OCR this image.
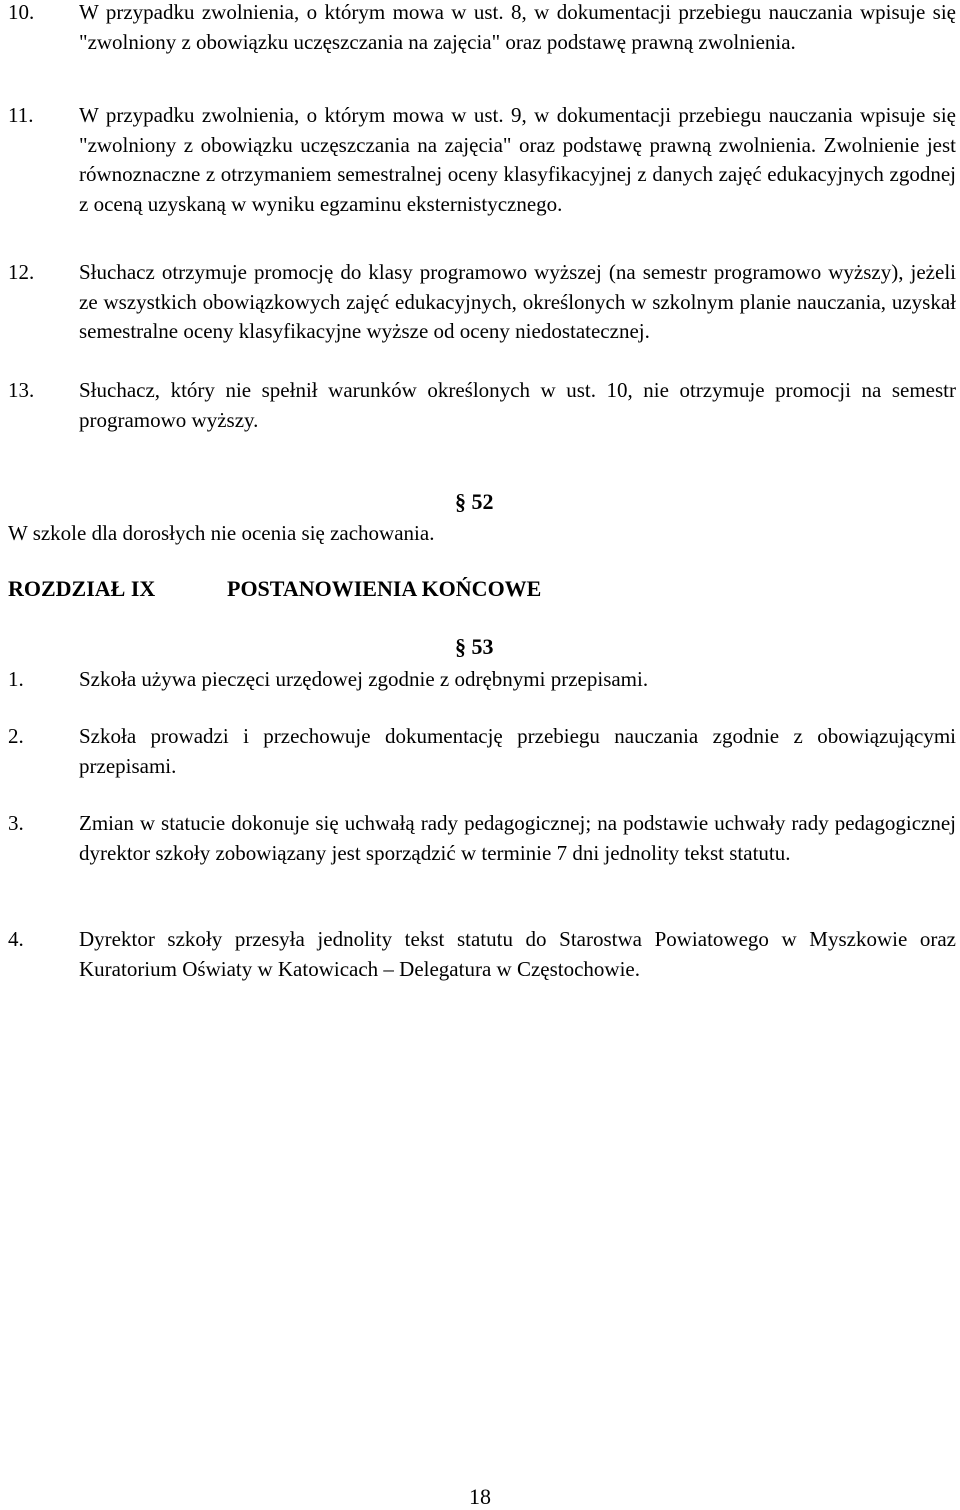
10. W przypadku zwolnienia, o którym mowa w ust. 8, w dokumentacji przebiegu nauczania wpisuje się "zwolniony z obowiązku uczęszczania na zajęcia" oraz podstawę prawną zwolnienia.
11. W przypadku zwolnienia, o którym mowa w ust. 9, w dokumentacji przebiegu nauczania wpisuje się "zwolniony z obowiązku uczęszczania na zajęcia" oraz podstawę prawną zwolnienia. Zwolnienie jest równoznaczne z otrzymaniem semestralnej oceny klasyfikacyjnej z danych zajęć edukacyjnych zgodnej z oceną uzyskaną w wyniku egzaminu eksternistycznego.
12. Słuchacz otrzymuje promocję do klasy programowo wyższej (na semestr programowo wyższy), jeżeli ze wszystkich obowiązkowych zajęć edukacyjnych, określonych w szkolnym planie nauczania, uzyskał semestralne oceny klasyfikacyjne wyższe od oceny niedostatecznej.
13. Słuchacz, który nie spełnił warunków określonych w ust. 10, nie otrzymuje promocji na semestr programowo wyższy.
§ 52
W szkole dla dorosłych nie ocenia się zachowania.
ROZDZIAŁ IX	POSTANOWIENIA KOŃCOWE
§ 53
1.	Szkoła używa pieczęci urzędowej zgodnie z odrębnymi przepisami.
2.	Szkoła prowadzi i przechowuje dokumentację przebiegu nauczania zgodnie z obowiązującymi przepisami.
3.	Zmian w statucie dokonuje się uchwałą rady pedagogicznej; na podstawie uchwały rady pedagogicznej dyrektor szkoły zobowiązany jest sporządzić w terminie 7 dni jednolity tekst statutu.
4.	Dyrektor szkoły przesyła jednolity tekst statutu do Starostwa Powiatowego w Myszkowie oraz Kuratorium Oświaty w Katowicach – Delegatura w Częstochowie.
18
